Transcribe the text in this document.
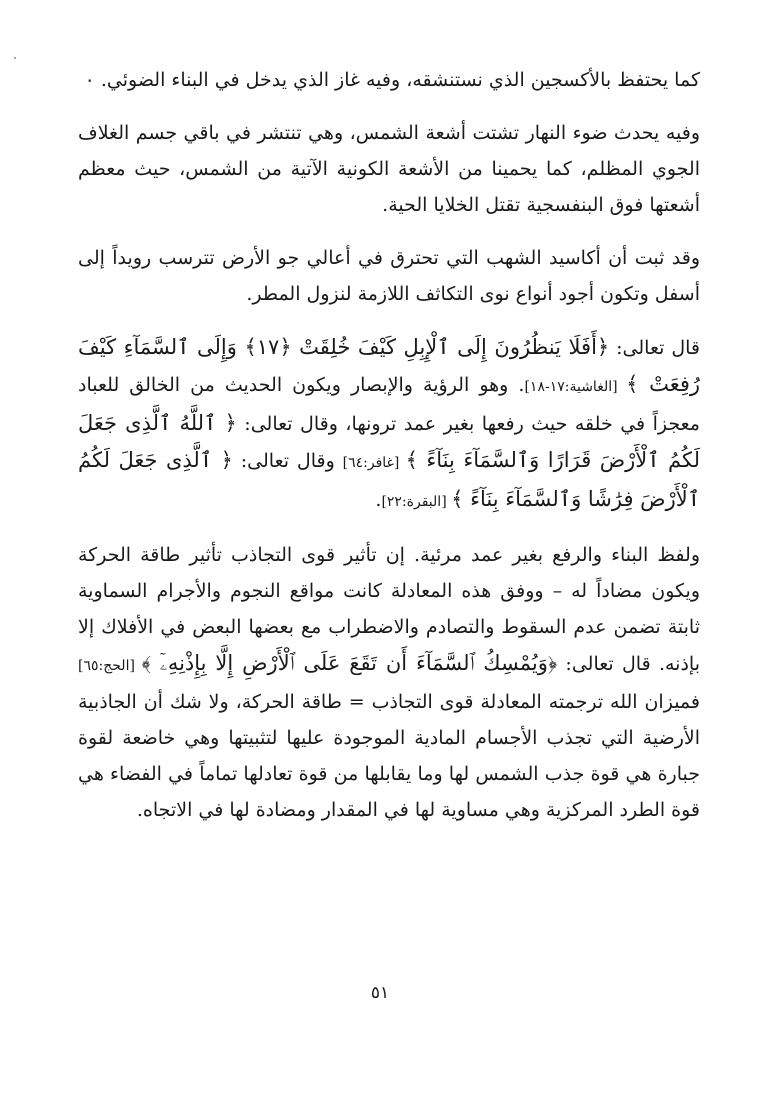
كما يحتفظ بالأكسجين الذي نستنشقه، وفيه غاز الذي يدخل في البناء الضوئي. ٠

وفيه يحدث ضوء النهار تشتت أشعة الشمس، وهي تنتشر في باقي جسم الغلاف الجوي المظلم، كما يحمينا من الأشعة الكونية الآتية من الشمس، حيث معظم أشعتها فوق البنفسجية تقتل الخلايا الحية.

وقد ثبت أن أكاسيد الشهب التي تحترق في أعالي جو الأرض تترسب رويداً إلى أسفل وتكون أجود أنواع نوى التكاثف اللازمة لنزول المطر.

قال تعالى: ﴿أَفَلَا يَنظُرُونَ إِلَى ٱلْإِبِلِ كَيْفَ خُلِقَتْ ﴿١٧﴾ وَإِلَى ٱلسَّمَآءِ كَيْفَ رُفِعَتْ ﴾ [الغاشية:١٧-١٨]. وهو الرؤية والإبصار ويكون الحديث من الخالق للعباد معجزاً في خلقه حيث رفعها بغير عمد ترونها، وقال تعالى: ﴿ ٱللَّهُ ٱلَّذِى جَعَلَ لَكُمُ ٱلْأَرْضَ قَرَارًا وَٱلسَّمَآءَ بِنَآءً ﴾ [غافر:٦٤] وقال تعالى: ﴿ ٱلَّذِى جَعَلَ لَكُمُ ٱلْأَرْضَ فِرَٰشًا وَٱلسَّمَآءَ بِنَآءً ﴾ [البقرة:٢٢].

ولفظ البناء والرفع بغير عمد مرئية. إن تأثير قوى التجاذب تأثير طاقة الحركة ويكون مضاداً له – ووفق هذه المعادلة كانت مواقع النجوم والأجرام السماوية ثابتة تضمن عدم السقوط والتصادم والاضطراب مع بعضها البعض في الأفلاك إلا بإذنه. قال تعالى: ﴿وَيُمْسِكُ ٱلسَّمَآءَ أَن تَقَعَ عَلَى ٱلْأَرْضِ إِلَّا بِإِذْنِهِۦٓ ﴾ [الحج:٦٥] فميزان الله ترجمته المعادلة قوى التجاذب = طاقة الحركة، ولا شك أن الجاذبية الأرضية التي تجذب الأجسام المادية الموجودة عليها لتثبيتها وهي خاضعة لقوة جبارة هي قوة جذب الشمس لها وما يقابلها من قوة تعادلها تماماً في الفضاء هي قوة الطرد المركزية وهي مساوية لها في المقدار ومضادة لها في الاتجاه.

٥١
